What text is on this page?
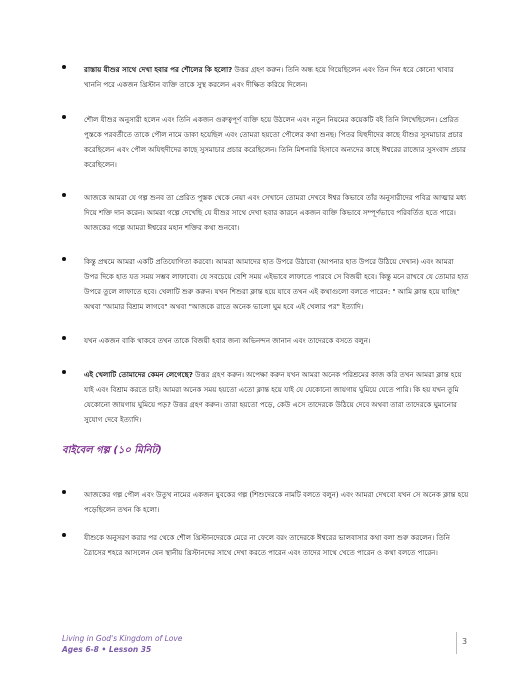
রাস্তায় যীশুর সাথে দেখা হবার পর শৌলের কি হলো? উত্তর গ্রহণ করুন। তিনি অন্ধ হয়ে গিয়েছিলেন এবং তিন দিন ধরে কোনো খাবার খাননি পরে একজন খ্রিস্টান ব্যক্তি তাকে সুস্থ করলেন এবং দীক্ষিত করিয়ে দিলেন।

শৌল যীশুর অনুসারী হলেন এবং তিনি একজন গুরুত্বপূর্ণ ব্যক্তি হয়ে উঠলেন এবং নতুন নিয়মের কয়েকটি বই তিনি লিখেছিলেন। প্রেরিত পুস্তকে পরবর্তীতে তাকে পৌল নামে ডাকা হয়েছিল এবং তোমরা হয়তো পৌলের কথা শুনছ। পিতর যিহুদীদের কাছে যীশুর সুসমাচার প্রচার করেছিলেন এবং পৌল অযিহুদীদের কাছে সুসমাচার প্রচার করেছিলেন। তিনি মিশনারি হিসাবে অন্যদের কাছে ঈশ্বরের রাজ্যের সুসংবাদ প্রচার করেছিলেন।

আজকে আমরা যে গল্প শুনব তা প্রেরিত পুস্তক থেকে নেয়া এবং সেখানে তোমরা দেখবে ঈশ্বর কিভাবে তাঁর অনুসারীদের পবিত্র আত্মার মধ্য দিয়ে শক্তি দান করেন। আমরা গল্পে দেখেছি যে যীশুর সাথে দেখা হবার কারনে একজন ব্যক্তি কিভাবে সম্পূর্ণভাবে পরিবর্তিত হতে পারে। আজকের গল্পে আমরা ঈশ্বরের মহান শক্তির কথা শুনবো।

কিন্তু প্রথমে আমরা একটি প্রতিযোগিতা করবো। আমরা আমাদের হাত উপরে উঠাবো (আপনার হাত উপরে উঠিয়ে দেখান) এবং আমরা উপর দিকে হাত যত সময় সম্ভব লাফাবো। যে সবচেয়ে বেশি সময় এইভাবে লাফাতে পারবে সে বিজয়ী হবে। কিন্তু মনে রাখবে যে তোমার হাত উপরে তুলে লাফাতে হবে। খেলাটি শুরু করুন। যখন শিশুরা ক্লান্ত হয়ে যাবে তখন এই কথাগুলো বলতে পারেন: " আমি ক্লান্ত হয়ে যাচ্ছি" অথবা "আমার বিশ্রাম লাগবে" অথবা "আজকে রাতে অনেক ভালো ঘুম হবে এই খেলার পর" ইত্যাদি।

যখন একজন বাকি থাকবে তখন তাকে বিজয়ী হবার জন্য অভিনন্দন জানান এবং তাদেরকে বসতে বলুন।

এই খেলাটি তোমাদের কেমন লেগেছে? উত্তর গ্রহণ করুন। অপেক্ষা করুন যখন আমরা অনেক পরিশ্রমের কাজ করি তখন আমরা ক্লান্ত হয়ে যাই এবং বিশ্রাম করতে চাই। আমরা অনেক সময় হয়তো এতো ক্লান্ত হয়ে যাই যে যেকোনো জায়গায় ঘুমিয়ে যেতে পারি। কি হয় যখন তুমি যেকোনো জায়গায় ঘুমিয়ে পড়? উত্তর গ্রহণ করুন। তারা হয়তো পড়ে, কেউ এসে তাদেরকে উঠিয়ে দেবে অথবা তারা তাদেরকে ঘুমানোর সুযোগ দেবে ইত্যাদি।

বাইবেল গল্প (১০ মিনিট)

আজকের গল্প পৌল এবং উতুখ নামের একজন যুবকের গল্প (শিশুদেরকে নামটি বলতে বলুন) এবং আমরা দেখবো যখন সে অনেক ক্লান্ত হয়ে পড়েছিলেন তখন কি হলো।

যীশুকে অনুসরণ করার পর থেকে শৌল খ্রিস্টানদেরকে মেরে না ফেলে বরং তাদেরকে ঈশ্বরের ভালবাসার কথা বলা শুরু করলেন। তিনি ত্রৈাসের শহরে আসলেন যেন স্থানীয় খ্রিস্টানদের সাথে দেখা করতে পারেন এবং তাদের সাথে খেতে পারেন ও কথা বলতে পারেন।

Living in God's Kingdom of Love
Ages 6-8 • Lesson 35
3
